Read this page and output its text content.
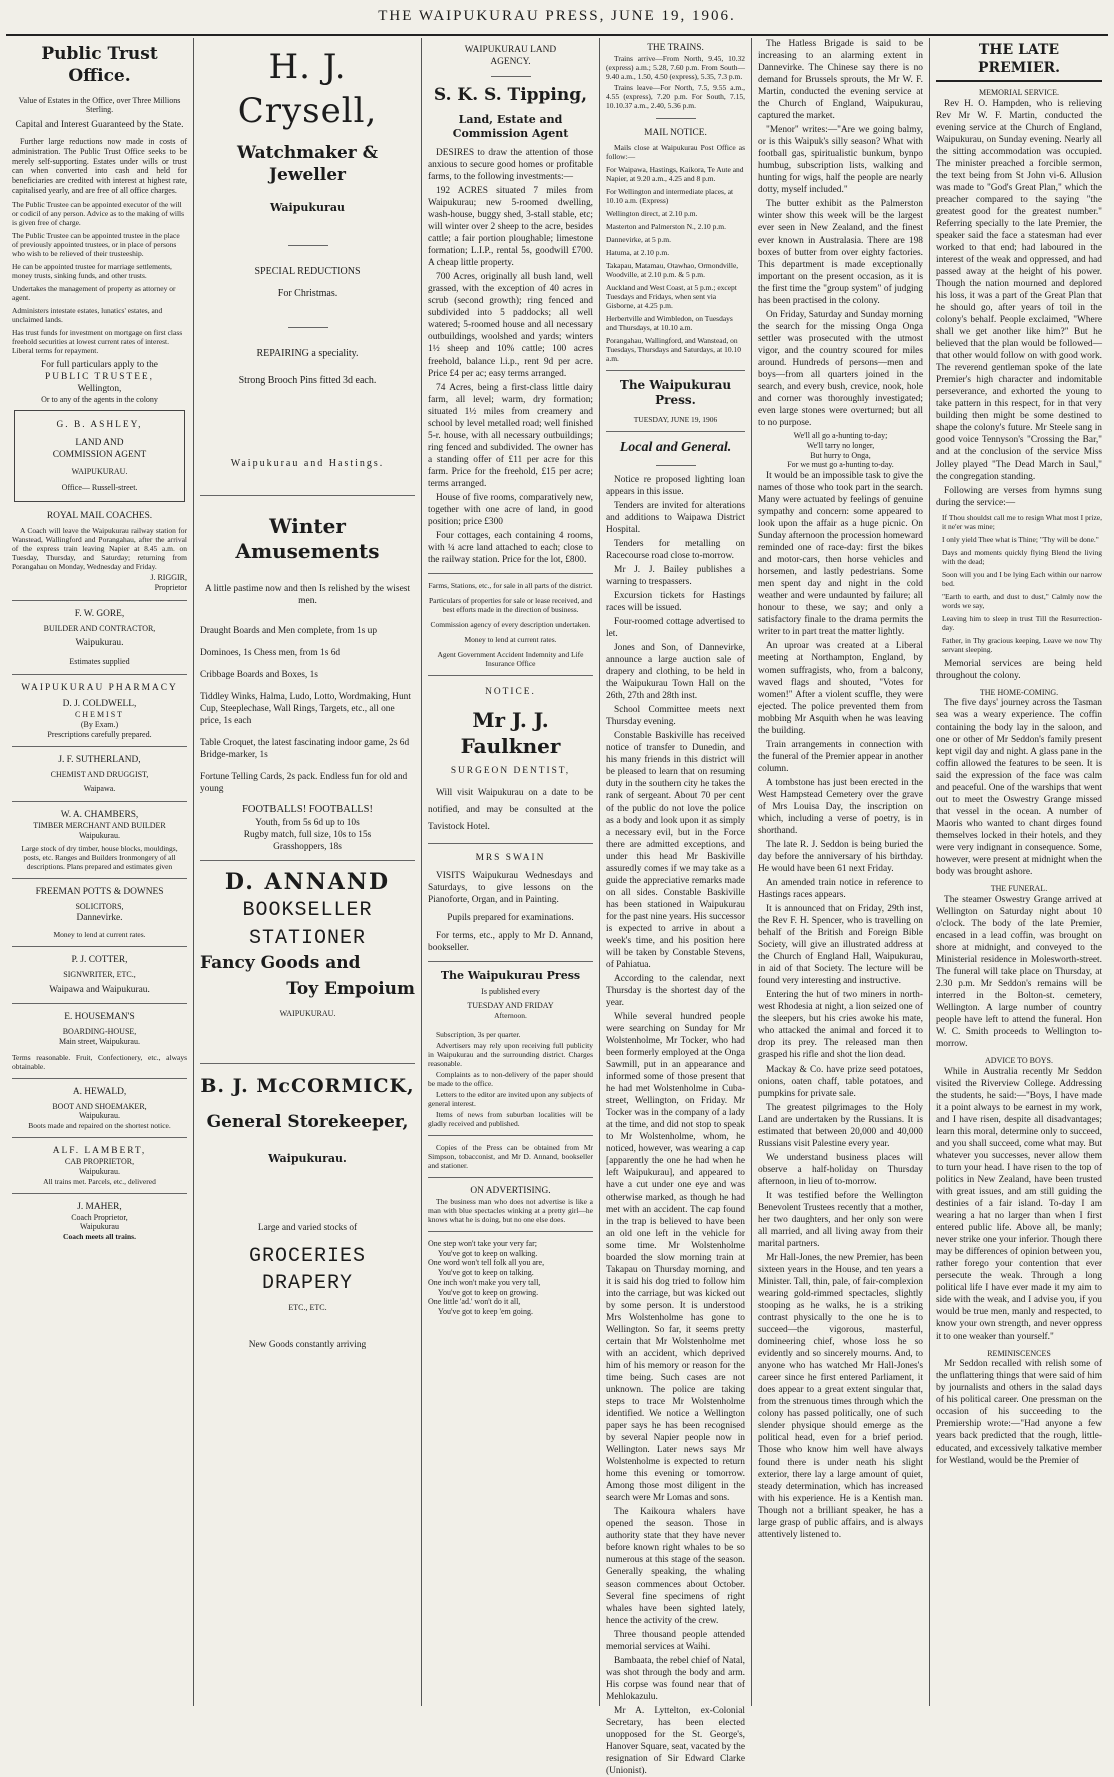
THE WAIPUKURAU PRESS, JUNE 19, 1906.
Public Trust Office.
Value of Estates in the Office, over Three Millions Sterling.
Capital and Interest Guaranteed by the State.
Further large reductions now made in costs of administration. The Public Trust Office seeks to be merely self-supporting. Estates under wills or trust can when converted into cash and held for beneficiaries are credited with interest at highest rate, capitalised yearly, and are free of all office charges.
The Public Trustee can be appointed executor of the will or codicil of any person. Advice as to the making of wills is given free of charge.
The Public Trustee can be appointed trustee in the place of previously appointed trustees, or in place of persons who wish to be relieved of their trusteeship.
He can be appointed trustee for marriage settlements, money trusts, sinking funds, and other trusts.
Undertakes the management of property as attorney or agent.
Administers intestate estates, lunatics' estates, and unclaimed lands.
Has trust funds for investment on mortgage on first class freehold securities at lowest current rates of interest. Liberal terms for repayment.
For full particulars apply to the
PUBLIC TRUSTEE,
Wellington,
Or to any of the agents in the colony
G. B. ASHLEY,
LAND AND
COMMISSION AGENT
WAIPUKURAU.
Office— Russell-street.
ROYAL MAIL COACHES.
A Coach will leave the Waipukurau railway station for Wanstead, Wallingford and Porangahau, after the arrival of the express train leaving Napier at 8.45 a.m. on Tuesday, Thursday, and Saturday; returning from Porangahau on Monday, Wednesday and Friday.
J. RIGGIR,
Proprietor
F. W. GORE,
BUILDER AND CONTRACTOR,
Waipukurau.
Estimates supplied
WAIPUKURAU PHARMACY
D. J. COLDWELL,
CHEMIST
(By Exam.)
Prescriptions carefully prepared.
J. F. SUTHERLAND,
CHEMIST AND DRUGGIST,
Waipawa.
W. A. CHAMBERS,
TIMBER MERCHANT AND BUILDER
Waipukurau.
Large stock of dry timber, house blocks, mouldings, posts, etc. Ranges and Builders Ironmongery of all descriptions. Plans prepared and estimates given
FREEMAN POTTS & DOWNES
SOLICITORS,
Dannevirke.
Money to lend at current rates.
P. J. COTTER,
SIGNWRITER, ETC.,
Waipawa and Waipukurau.
E. HOUSEMAN'S
BOARDING-HOUSE,
Main street, Waipukurau.
Terms reasonable. Fruit, Confectionery, etc., always obtainable.
A. HEWALD,
BOOT AND SHOEMAKER,
Waipukurau.
Boots made and repaired on the shortest notice.
ALF. LAMBERT,
CAB PROPRIETOR,
Waipukurau.
All trains met. Parcels, etc., delivered
J. MAHER,
Coach Proprietor,
Waipukurau
Coach meets all trains.
H. J. Crysell,
Watchmaker & Jeweller
Waipukurau
SPECIAL REDUCTIONS
For Christmas.
REPAIRING a speciality.
Strong Brooch Pins fitted 3d each.
Waipukurau and Hastings.
Winter Amusements
A little pastime now and then Is relished by the wisest men.
Draught Boards and Men complete, from 1s up
Dominoes, 1s Chess men, from 1s 6d
Cribbage Boards and Boxes, 1s
Tiddley Winks, Halma, Ludo, Lotto, Wordmaking, Hunt Cup, Steeplechase, Wall Rings, Targets, etc., all one price, 1s each
Table Croquet, the latest fascinating indoor game, 2s 6d Bridge-marker, 1s
Fortune Telling Cards, 2s pack. Endless fun for old and young
FOOTBALLS! FOOTBALLS!
Youth, from 5s 6d up to 10s
Rugby match, full size, 10s to 15s
Grasshoppers, 18s
D. ANNAND
BOOKSELLER
STATIONER
Fancy Goods and
Toy Empoium
WAIPUKURAU.
B. J. McCORMICK,
General Storekeeper,
Waipukurau.
Large and varied stocks of
GROCERIES
DRAPERY
ETC., ETC.
New Goods constantly arriving
WAIPUKURAU LAND
AGENCY.
S. K. S. Tipping,
Land, Estate and Commission Agent
DESIRES to draw the attention of those anxious to secure good homes or profitable farms, to the following investments:—
192 ACRES situated 7 miles from Waipukurau; new 5-roomed dwelling, wash-house, buggy shed, 3-stall stable, etc; will winter over 2 sheep to the acre, besides cattle; a fair portion ploughable; limestone formation; L.I.P., rental 5s, goodwill £700. A cheap little property.
700 Acres, originally all bush land, well grassed, with the exception of 40 acres in scrub (second growth); ring fenced and subdivided into 5 paddocks; all well watered; 5-roomed house and all necessary outbuildings, woolshed and yards; winters 1½ sheep and 10% cattle; 100 acres freehold, balance l.i.p., rent 9d per acre. Price £4 per ac; easy terms arranged.
74 Acres, being a first-class little dairy farm, all level; warm, dry formation; situated 1½ miles from creamery and school by level metalled road; well finished 5-r. house, with all necessary outbuildings; ring fenced and subdivided. The owner has a standing offer of £11 per acre for this farm. Price for the freehold, £15 per acre; terms arranged.
House of five rooms, comparatively new, together with one acre of land, in good position; price £300
Four cottages, each containing 4 rooms, with ¼ acre land attached to each; close to the railway station. Price for the lot, £800.
Farms, Stations, etc., for sale in all parts of the district.
Particulars of properties for sale or lease received, and best efforts made in the direction of business.
Commission agency of every description undertaken.
Money to lend at current rates.
Agent Government Accident Indemnity and Life Insurance Office
NOTICE.
Mr J. J. Faulkner
SURGEON DENTIST,
Will visit Waipukurau on a date to be notified, and may be consulted at the Tavistock Hotel.
MRS SWAIN
VISITS Waipukurau Wednesdays and Saturdays, to give lessons on the Pianoforte, Organ, and in Painting.
Pupils prepared for examinations.
For terms, etc., apply to Mr D. Annand, bookseller.
The Waipukurau Press
Is published every
TUESDAY AND FRIDAY
Afternoon.
Subscription, 3s per quarter.
Advertisers may rely upon receiving full publicity in Waipukurau and the surrounding district. Charges reasonable.
Complaints as to non-delivery of the paper should be made to the office.
Letters to the editor are invited upon any subjects of general interest.
Items of news from suburban localities will be gladly received and published.
Copies of the Press can be obtained from Mr Simpson, tobacconist, and Mr D. Annand, bookseller and stationer.
ON ADVERTISING.
The business man who does not advertise is like a man with blue spectacles winking at a pretty girl—he knows what he is doing, but no one else does.
One step won't take your very far;
You've got to keep on walking.
One word won't tell folk all you are,
You've got to keep on talking.
One inch won't make you very tall,
You've got to keep on growing.
One little 'ad.' won't do it all,
You've got to keep 'em going.
THE TRAINS.
Trains arrive—From North, 9.45, 10.32 (express) a.m.; 5.28, 7.60 p.m. From South—9.40 a.m., 1.50, 4.50 (express), 5.35, 7.3 p.m.
Trains leave—For North, 7.5, 9.55 a.m., 4.55 (express), 7.20 p.m. For South, 7.15, 10.10.37 a.m., 2.40, 5.36 p.m.
MAIL NOTICE.
Mails close at Waipukurau Post Office as follow:—
For Waipawa, Hastings, Kaikora, Te Aute and Napier, at 9.20 a.m., 4.25 and 8 p.m.
For Wellington and intermediate places, at 10.10 a.m. (Express)
Wellington direct, at 2.10 p.m.
Masterton and Palmerston N., 2.10 p.m.
Dannevirke, at 5 p.m.
Hatuma, at 2.10 p.m.
Takapau, Matamau, Otawhao, Ormondville, Woodville, at 2.10 p.m. & 5 p.m.
Auckland and West Coast, at 5 p.m.; except Tuesdays and Fridays, when sent via Gisborne, at 4.25 p.m.
Herbertville and Wimbledon, on Tuesdays and Thursdays, at 10.10 a.m.
Porangahau, Wallingford, and Wanstead, on Tuesdays, Thursdays and Saturdays, at 10.10 a.m.
The Waipukurau Press.
TUESDAY, JUNE 19, 1906
Local and General.
Notice re proposed lighting loan appears in this issue.
Tenders are invited for alterations and additions to Waipawa District Hospital.
Tenders for metalling on Racecourse road close to-morrow.
Mr J. J. Bailey publishes a warning to trespassers.
Excursion tickets for Hastings races will be issued.
Four-roomed cottage advertised to let.
Jones and Son, of Dannevirke, announce a large auction sale of drapery and clothing, to be held in the Waipukurau Town Hall on the 26th, 27th and 28th inst.
School Committee meets next Thursday evening.
Constable Baskiville has received notice of transfer to Dunedin, and his many friends in this district will be pleased to learn that on resuming duty in the southern city he takes the rank of sergeant. About 70 per cent of the public do not love the police as a body and look upon it as simply a necessary evil, but in the Force there are admitted exceptions, and under this head Mr Baskiville assuredly comes if we may take as a guide the appreciative remarks made on all sides. Constable Baskiville has been stationed in Waipukurau for the past nine years. His successor is expected to arrive in about a week's time, and his position here will be taken by Constable Stevens, of Pahiatua.
According to the calendar, next Thursday is the shortest day of the year.
While several hundred people were searching on Sunday for Mr Wolstenholme, Mr Tocker, who had been formerly employed at the Onga Sawmill, put in an appearance and informed some of those present that he had met Wolstenholme in Cuba-street, Wellington, on Friday. Mr Tocker was in the company of a lady at the time, and did not stop to speak to Mr Wolstenholme, whom, he noticed, however, was wearing a cap [apparently the one he had when he left Waipukurau], and appeared to have a cut under one eye and was otherwise marked, as though he had met with an accident. The cap found in the trap is believed to have been an old one left in the vehicle for some time. Mr Wolstenholme boarded the slow morning train at Takapau on Thursday morning, and it is said his dog tried to follow him into the carriage, but was kicked out by some person. It is understood Mrs Wolstenholme has gone to Wellington. So far, it seems pretty certain that Mr Wolstenholme met with an accident, which deprived him of his memory or reason for the time being. Such cases are not unknown. The police are taking steps to trace Mr Wolstenholme identified. We notice a Wellington paper says he has been recognised by several Napier people now in Wellington. Later news says Mr Wolstenholme is expected to return home this evening or tomorrow. Among those most diligent in the search were Mr Lomas and sons.
The Kaikoura whalers have opened the season. Those in authority state that they have never before known right whales to be so numerous at this stage of the season. Generally speaking, the whaling season commences about October. Several fine specimens of right whales have been sighted lately, hence the activity of the crew.
Three thousand people attended memorial services at Waihi.
Bambaata, the rebel chief of Natal, was shot through the body and arm. His corpse was found near that of Mehlokazulu.
Mr A. Lyttelton, ex-Colonial Secretary, has been elected unopposed for the St. George's, Hanover Square, seat, vacated by the resignation of Sir Edward Clarke (Unionist).
The Hatless Brigade is said to be increasing to an alarming extent in Dannevirke. The Chinese say there is no demand for Brussels sprouts, the Mr W. F. Martin, conducted the evening service at the Church of England, Waipukurau, captured the market.
"Menor" writes:—"Are we going balmy, or is this Waipuk's silly season? What with football gas, spiritualistic bunkum, bynpo humbug, subscription lists, walking and hunting for wigs, half the people are nearly dotty, myself included."
The butter exhibit as the Palmerston winter show this week will be the largest ever seen in New Zealand, and the finest ever known in Australasia. There are 198 boxes of butter from over eighty factories. This department is made exceptionally important on the present occasion, as it is the first time the "group system" of judging has been practised in the colony.
On Friday, Saturday and Sunday morning the search for the missing Onga Onga settler was prosecuted with the utmost vigor, and the country scoured for miles around. Hundreds of persons—men and boys—from all quarters joined in the search, and every bush, crevice, nook, hole and corner was thoroughly investigated; even large stones were overturned; but all to no purpose.
We'll all go a-hunting to-day;
We'll tarry no longer,
But hurry to Onga,
For we must go a-hunting to-day.
It would be an impossible task to give the names of those who took part in the search. Many were actuated by feelings of genuine sympathy and concern: some appeared to look upon the affair as a huge picnic. On Sunday afternoon the procession homeward reminded one of race-day: first the bikes and motor-cars, then horse vehicles and horsemen, and lastly pedestrians. Some men spent day and night in the cold weather and were undaunted by failure; all honour to these, we say; and only a satisfactory finale to the drama permits the writer to in part treat the matter lightly.
An uproar was created at a Liberal meeting at Northampton, England, by women suffragists, who, from a balcony, waved flags and shouted, "Votes for women!" After a violent scuffle, they were ejected. The police prevented them from mobbing Mr Asquith when he was leaving the building.
Train arrangements in connection with the funeral of the Premier appear in another column.
A tombstone has just been erected in the West Hampstead Cemetery over the grave of Mrs Louisa Day, the inscription on which, including a verse of poetry, is in shorthand.
The late R. J. Seddon is being buried the day before the anniversary of his birthday. He would have been 61 next Friday.
An amended train notice in reference to Hastings races appears.
It is announced that on Friday, 29th inst, the Rev F. H. Spencer, who is travelling on behalf of the British and Foreign Bible Society, will give an illustrated address at the Church of England Hall, Waipukurau, in aid of that Society. The lecture will be found very interesting and instructive.
Entering the hut of two miners in north-west Rhodesia at night, a lion seized one of the sleepers, but his cries awoke his mate, who attacked the animal and forced it to drop its prey. The released man then grasped his rifle and shot the lion dead.
Mackay & Co. have prize seed potatoes, onions, oaten chaff, table potatoes, and pumpkins for private sale.
The greatest pilgrimages to the Holy Land are undertaken by the Russians. It is estimated that between 20,000 and 40,000 Russians visit Palestine every year.
We understand business places will observe a half-holiday on Thursday afternoon, in lieu of to-morrow.
It was testified before the Wellington Benevolent Trustees recently that a mother, her two daughters, and her only son were all married, and all living away from their marital partners.
Mr Hall-Jones, the new Premier, has been sixteen years in the House, and ten years a Minister. Tall, thin, pale, of fair-complexion wearing gold-rimmed spectacles, slightly stooping as he walks, he is a striking contrast physically to the one he is to succeed—the vigorous, masterful, domineering chief, whose loss he so evidently and so sincerely mourns. And, to anyone who has watched Mr Hall-Jones's career since he first entered Parliament, it does appear to a great extent singular that, from the strenuous times through which the colony has passed politically, one of such slender physique should emerge as the political head, even for a brief period. Those who know him well have always found there is under neath his slight exterior, there lay a large amount of quiet, steady determination, which has increased with his experience. He is a Kentish man. Though not a brilliant speaker, he has a large grasp of public affairs, and is always attentively listened to.
THE LATE PREMIER.
MEMORIAL SERVICE.
Rev H. O. Hampden, who is relieving Rev Mr W. F. Martin, conducted the evening service at the Church of England, Waipukurau, on Sunday evening. Nearly all the sitting accommodation was occupied. The minister preached a forcible sermon, the text being from St John vi-6. Allusion was made to "God's Great Plan," which the preacher compared to the saying "the greatest good for the greatest number." Referring specially to the late Premier, the speaker said the face a statesman had ever worked to that end; had laboured in the interest of the weak and oppressed, and had passed away at the height of his power. Though the nation mourned and deplored his loss, it was a part of the Great Plan that he should go, after years of toil in the colony's behalf. People exclaimed, "Where shall we get another like him?" But he believed that the plan would be followed—that other would follow on with good work. The reverend gentleman spoke of the late Premier's high character and indomitable perseverance, and exhorted the young to take pattern in this respect, for in that very building then might be some destined to shape the colony's future. Mr Steele sang in good voice Tennyson's "Crossing the Bar," and at the conclusion of the service Miss Jolley played "The Dead March in Saul," the congregation standing.
Following are verses from hymns sung during the service:—
If Thou shouldst call me to resign What most I prize, it ne'er was mine;
I only yield Thee what is Thine; "Thy will be done."
Days and moments quickly flying Blend the living with the dead;
Soon will you and I be lying Each within our narrow bed.
"Earth to earth, and dust to dust," Calmly now the words we say,
Leaving him to sleep in trust Till the Resurrection-day.
Father, in Thy gracious keeping, Leave we now Thy servant sleeping.
Memorial services are being held throughout the colony.
THE HOME-COMING.
The five days' journey across the Tasman sea was a weary experience. The coffin containing the body lay in the saloon, and one or other of Mr Seddon's family present kept vigil day and night. A glass pane in the coffin allowed the features to be seen. It is said the expression of the face was calm and peaceful. One of the warships that went out to meet the Oswestry Grange missed that vessel in the ocean. A number of Maoris who wanted to chant dirges found themselves locked in their hotels, and they were very indignant in consequence. Some, however, were present at midnight when the body was brought ashore.
THE FUNERAL.
The steamer Oswestry Grange arrived at Wellington on Saturday night about 10 o'clock. The body of the late Premier, encased in a lead coffin, was brought on shore at midnight, and conveyed to the Ministerial residence in Molesworth-street. The funeral will take place on Thursday, at 2.30 p.m. Mr Seddon's remains will be interred in the Bolton-st. cemetery, Wellington. A large number of country people have left to attend the funeral. Hon W. C. Smith proceeds to Wellington to-morrow.
ADVICE TO BOYS.
While in Australia recently Mr Seddon visited the Riverview College. Addressing the students, he said:—"Boys, I have made it a point always to be earnest in my work, and I have risen, despite all disadvantages; learn this moral, determine only to succeed, and you shall succeed, come what may. But whatever you successes, never allow them to turn your head. I have risen to the top of politics in New Zealand, have been trusted with great issues, and am still guiding the destinies of a fair island. To-day I am wearing a hat no larger than when I first entered public life. Above all, be manly; never strike one your inferior. Though there may be differences of opinion between you, rather forego your contention that ever persecute the weak. Through a long political life I have ever made it my aim to side with the weak, and I advise you, if you would be true men, manly and respected, to know your own strength, and never oppress it to one weaker than yourself."
REMINISCENCES
Mr Seddon recalled with relish some of the unflattering things that were said of him by journalists and others in the salad days of his political career. One pressman on the occasion of his succeeding to the Premiership wrote:—"Had anyone a few years back predicted that the rough, little-educated, and excessively talkative member for Westland, would be the Premier of
